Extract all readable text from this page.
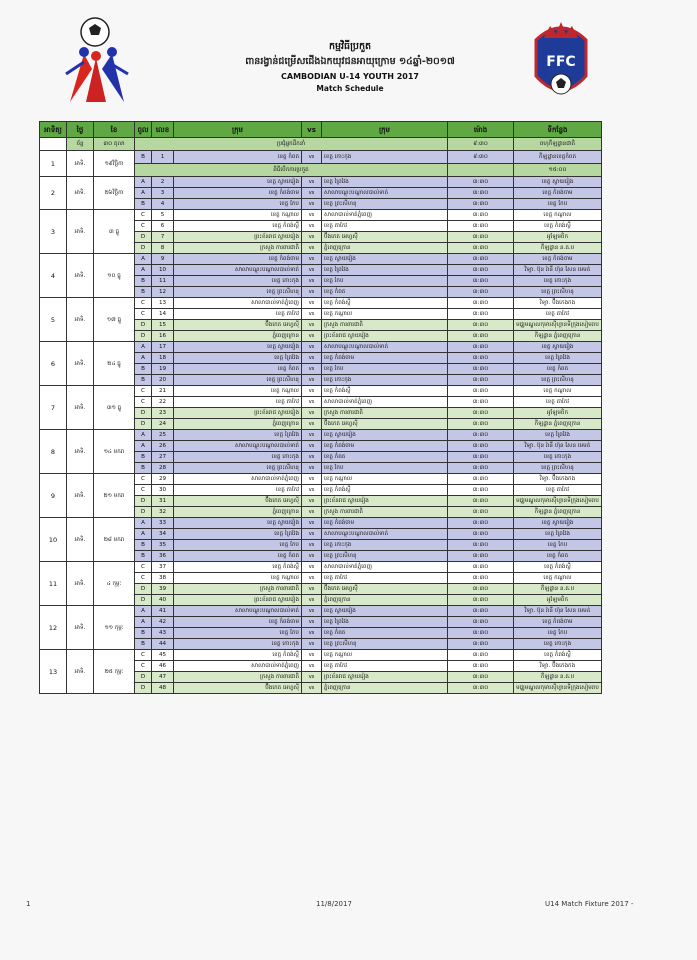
FFC
កម្មវិធីប្រកួត
ពានរង្វាន់ជម្រើសជើងឯកយុវជនអាយុក្រោម ១៤ឆ្នាំ-២០១៧
CAMBODIAN U-14 YOUTH 2017
Match Schedule
អាទិត្យ	ថ្ងៃ	ខែ	ពូល	លេខ	ក្រុម	vs	ក្រុម	ម៉ោង	ទីកន្លែង	
	ច័ន្ទ	៣០ តុលា	ប្រជុំអ្នកដឹកនាំ					៩:៣០	ពហុកីឡដ្ឋានជាតិ	
1	អាទិ.	១៩វិច្ឆិកា	B	1	ខេត្ត កំពត	vs	ខេត្ត កោះកុង	៩:៣០	កីឡដ្ឋានខេត្តកំពត	
			ពិធីបើកការប្រកួត						១៥:០០	
2	អាទិ.	២៦វិច្ឆិកា	A	2	ខេត្ត ស្វាយរៀង	vs	ខេត្ត ព្រៃវែង	៣:៣០	ខេត្ត ស្វាយរៀង	
			A	3	ខេត្ត កំពង់ចាម	vs	សាលាបណ្តុះបណ្តាលបាល់ទាត់	៣:៣០	ខេត្ត កំពង់ចាម	
			B	4	ខេត្ត កែប	vs	ខេត្ត ព្រះសីហនុ	៣:៣០	ខេត្ត កែប	
3	អាទិ.	៣ ធ្នូ	C	5	ខេត្ត កណ្តាល	vs	សាលាបាល់ទាត់ភ្នំពេញ	៣:៣០	ខេត្ត កណ្តាល	
			C	6	ខេត្ត កំពង់ស្ពឺ	vs	ខេត្ត តាកែវ	៣:៣០	ខេត្ត កំពង់ស្ពឺ	
			D	7	ព្រះខ័នរាជ ស្វាយរៀង	vs	ប៊ឹងកេត អេហ្វស៊ី	៣:៣០	អូឡែមពិក	
			D	8	ក្រសួង ការពារជាតិ	vs	ភ្នំពេញក្រោន	៣:៣០	កីឡដ្ឋាន ន.គ.ប	
4	អាទិ.	១០ ធ្នូ	A	9	ខេត្ត កំពង់ចាម	vs	ខេត្ត ស្វាយរៀង	៣:៣០	ខេត្ត កំពង់ចាម	
			A	10	សាលាបណ្តុះបណ្តាលបាល់ទាត់	vs	ខេត្ត ព្រៃវែង	៣:៣០	វិទ្យា. ប៊ុន រ៉ានី ហ៊ុន សែន មេមត់	
			B	11	ខេត្ត កោះកុង	vs	ខេត្ត កែប	៣:៣០	ខេត្ត កោះកុង	
			B	12	ខេត្ត ព្រះសីហនុ	vs	ខេត្ត កំពត	៣:៣០	ខេត្ត ព្រះសីហនុ	
5	អាទិ.	១៧ ធ្នូ	C	13	សាលាបាល់ទាត់ភ្នំពេញ	vs	ខេត្ត កំពង់ស្ពឺ	៣:៣០	វិទ្យា. ប៊ឹងកេងកង	
			C	14	ខេត្ត តាកែវ	vs	ខេត្ត កណ្តាល	៣:៣០	ខេត្ត តាកែវ	
			D	15	ប៊ឹងកេត អេហ្វស៊ី	vs	ក្រសួង ការពារជាតិ	៣:៣០	មជ្ឈមណ្ឌលកុមារស៊ីហ្គានទីក្រុងសៀមរាប	
			D	16	ភ្នំពេញក្រោន	vs	ព្រះខ័នរាជ ស្វាយរៀង	៣:៣០	កីឡដ្ឋាន ភ្នំពេញក្រោន	
6	អាទិ.	២៤ ធ្នូ	A	17	ខេត្ត ស្វាយរៀង	vs	សាលាបណ្តុះបណ្តាលបាល់ទាត់	៣:៣០	ខេត្ត ស្វាយរៀង	
			A	18	ខេត្ត ព្រៃវែង	vs	ខេត្ត កំពង់ចាម	៣:៣០	ខេត្ត ព្រៃវែង	
			B	19	ខេត្ត កំពត	vs	ខេត្ត កែប	៣:៣០	ខេត្ត កំពត	
			B	20	ខេត្ត ព្រះសីហនុ	vs	ខេត្ត កោះកុង	៣:៣០	ខេត្ត ព្រះសីហនុ	
7	អាទិ.	៣១ ធ្នូ	C	21	ខេត្ត កណ្តាល	vs	ខេត្ត កំពង់ស្ពឺ	៣:៣០	ខេត្ត កណ្តាល	
			C	22	ខេត្ត តាកែវ	vs	សាលាបាល់ទាត់ភ្នំពេញ	៣:៣០	ខេត្ត តាកែវ	
			D	23	ព្រះខ័នរាជ ស្វាយរៀង	vs	ក្រសួង ការពារជាតិ	៣:៣០	អូឡែមពិក	
			D	24	ភ្នំពេញក្រោន	vs	ប៊ឹងកេត អេហ្វស៊ី	៣:៣០	កីឡដ្ឋាន ភ្នំពេញក្រោន	
8	អាទិ.	១៤ មករា	A	25	ខេត្ត ព្រៃវែង	vs	ខេត្ត ស្វាយរៀង	៣:៣០	ខេត្ត ព្រៃវែង	
			A	26	សាលាបណ្តុះបណ្តាលបាល់ទាត់	vs	ខេត្ត កំពង់ចាម	៣:៣០	វិទ្យា. ប៊ុន រ៉ានី ហ៊ុន សែន មេមត់	
			B	27	ខេត្ត កោះកុង	vs	ខេត្ត កំពត	៣:៣០	ខេត្ត កោះកុង	
			B	28	ខេត្ត ព្រះសីហនុ	vs	ខេត្ត កែប	៣:៣០	ខេត្ត ព្រះសីហនុ	
9	អាទិ.	២១ មករា	C	29	សាលាបាល់ទាត់ភ្នំពេញ	vs	ខេត្ត កណ្តាល	៣:៣០	វិទ្យា. ប៊ឹងកេងកង	
			C	30	ខេត្ត តាកែវ	vs	ខេត្ត កំពង់ស្ពឺ	៣:៣០	ខេត្ត តាកែវ	
			D	31	ប៊ឹងកេត អេហ្វស៊ី	vs	ព្រះខ័នរាជ ស្វាយរៀង	៣:៣០	មជ្ឈមណ្ឌលកុមារស៊ីហ្គានទីក្រុងសៀមរាប	
			D	32	ភ្នំពេញក្រោន	vs	ក្រសួង ការពារជាតិ	៣:៣០	កីឡដ្ឋាន ភ្នំពេញក្រោន	
10	អាទិ.	២៨ មករា	A	33	ខេត្ត ស្វាយរៀង	vs	ខេត្ត កំពង់ចាម	៣:៣០	ខេត្ត ស្វាយរៀង	
			A	34	ខេត្ត ព្រៃវែង	vs	សាលាបណ្តុះបណ្តាលបាល់ទាត់	៣:៣០	ខេត្ត ព្រៃវែង	
			B	35	ខេត្ត កែប	vs	ខេត្ត កោះកុង	៣:៣០	ខេត្ត កែប	
			B	36	ខេត្ត កំពត	vs	ខេត្ត ព្រះសីហនុ	៣:៣០	ខេត្ត កំពត	
11	អាទិ.	៤ កុម្ភៈ	C	37	ខេត្ត កំពង់ស្ពឺ	vs	សាលាបាល់ទាត់ភ្នំពេញ	៣:៣០	ខេត្ត កំពង់ស្ពឺ	
			C	38	ខេត្ត កណ្តាល	vs	ខេត្ត តាកែវ	៣:៣០	ខេត្ត កណ្តាល	
			D	39	ក្រសួង ការពារជាតិ	vs	ប៊ឹងកេត អេហ្វស៊ី	៣:៣០	កីឡដ្ឋាន ន.គ.ប	
			D	40	ព្រះខ័នរាជ ស្វាយរៀង	vs	ភ្នំពេញក្រោន	៣:៣០	អូឡែមពិក	
12	អាទិ.	១១ កុម្ភៈ	A	41	សាលាបណ្តុះបណ្តាលបាល់ទាត់	vs	ខេត្ត ស្វាយរៀង	៣:៣០	វិទ្យា. ប៊ុន រ៉ានី ហ៊ុន សែន មេមត់	
			A	42	ខេត្ត កំពង់ចាម	vs	ខេត្ត ព្រៃវែង	៣:៣០	ខេត្ត កំពង់ចាម	
			B	43	ខេត្ត កែប	vs	ខេត្ត កំពត	៣:៣០	ខេត្ត កែប	
			B	44	ខេត្ត កោះកុង	vs	ខេត្ត ព្រះសីហនុ	៣:៣០	ខេត្ត កោះកុង	
13	អាទិ.	២៥ កុម្ភៈ	C	45	ខេត្ត កំពង់ស្ពឺ	vs	ខេត្ត កណ្តាល	៣:៣០	ខេត្ត កំពង់ស្ពឺ	
			C	46	សាលាបាល់ទាត់ភ្នំពេញ	vs	ខេត្ត តាកែវ	៣:៣០	វិទ្យា. ប៊ឹងកេងកង	
			D	47	ក្រសួង ការពារជាតិ	vs	ព្រះខ័នរាជ ស្វាយរៀង	៣:៣០	កីឡដ្ឋាន ន.គ.ប	
			D	48	ប៊ឹងកេត អេហ្វស៊ី	vs	ភ្នំពេញក្រោន	៣:៣០	មជ្ឈមណ្ឌលកុមារស៊ីហ្គានទីក្រុងសៀមរាប	
1	11/8/2017	U14 Match Fixture 2017 -
